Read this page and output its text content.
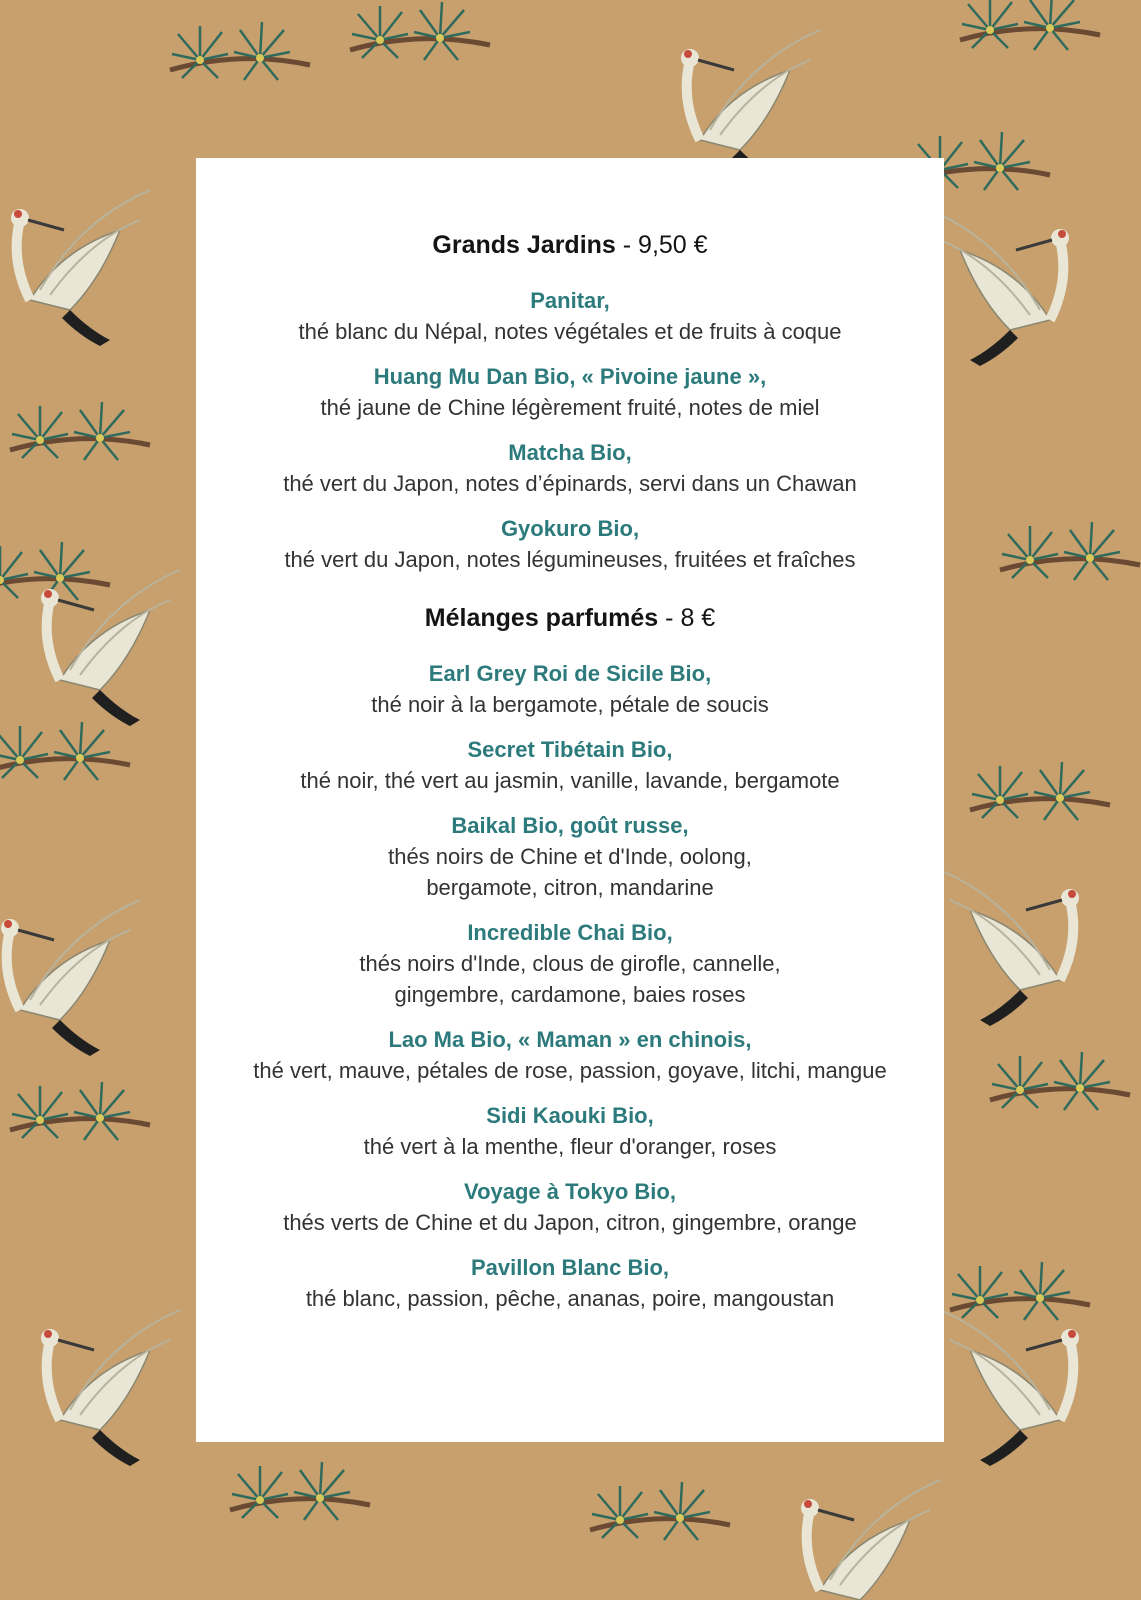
Grands Jardins - 9,50 €
Panitar,
thé blanc du Népal, notes végétales et de fruits à coque
Huang Mu Dan Bio, « Pivoine jaune »,
thé jaune de Chine légèrement fruité, notes de miel
Matcha Bio,
thé vert du Japon, notes d’épinards, servi dans un Chawan
Gyokuro Bio,
thé vert du Japon, notes légumineuses, fruitées et fraîches
Mélanges parfumés - 8 €
Earl Grey Roi de Sicile Bio,
thé noir à la bergamote, pétale de soucis
Secret Tibétain Bio,
thé noir, thé vert au jasmin, vanille, lavande, bergamote
Baikal Bio, goût russe,
thés noirs de Chine et d'Inde, oolong,
bergamote, citron, mandarine
Incredible Chai Bio,
thés noirs d'Inde, clous de girofle, cannelle,
gingembre, cardamone, baies roses
Lao Ma Bio, « Maman » en chinois,
thé vert, mauve, pétales de rose, passion, goyave, litchi, mangue
Sidi Kaouki Bio,
thé vert à la menthe, fleur d'oranger, roses
Voyage à Tokyo Bio,
thés verts de Chine et du Japon, citron, gingembre, orange
Pavillon Blanc Bio,
thé blanc, passion, pêche, ananas, poire, mangoustan
